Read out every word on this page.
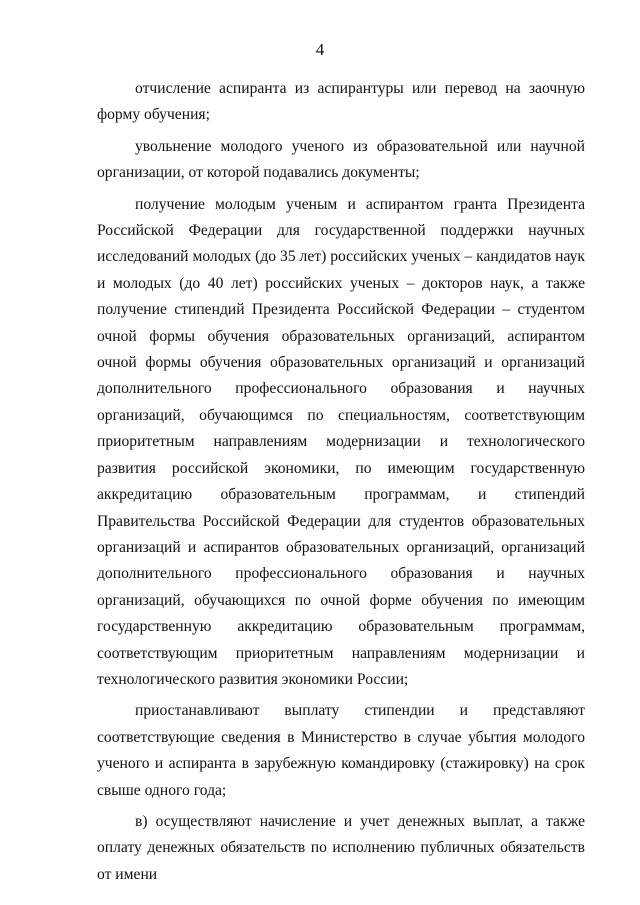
4

отчисление аспиранта из аспирантуры или перевод на заочную форму обучения;

увольнение молодого ученого из образовательной или научной организации, от которой подавались документы;

получение молодым ученым и аспирантом гранта Президента Российской Федерации для государственной поддержки научных исследований молодых (до 35 лет) российских ученых – кандидатов наук и молодых (до 40 лет) российских ученых – докторов наук, а также получение стипендий Президента Российской Федерации – студентом очной формы обучения образовательных организаций, аспирантом очной формы обучения образовательных организаций и организаций дополнительного профессионального образования и научных организаций, обучающимся по специальностям, соответствующим приоритетным направлениям модернизации и технологического развития российской экономики, по имеющим государственную аккредитацию образовательным программам, и стипендий Правительства Российской Федерации для студентов образовательных организаций и аспирантов образовательных организаций, организаций дополнительного профессионального образования и научных организаций, обучающихся по очной форме обучения по имеющим государственную аккредитацию образовательным программам, соответствующим приоритетным направлениям модернизации и технологического развития экономики России;

приостанавливают выплату стипендии и представляют соответствующие сведения в Министерство в случае убытия молодого ученого и аспиранта в зарубежную командировку (стажировку) на срок свыше одного года;

в) осуществляют начисление и учет денежных выплат, а также оплату денежных обязательств по исполнению публичных обязательств от имени
